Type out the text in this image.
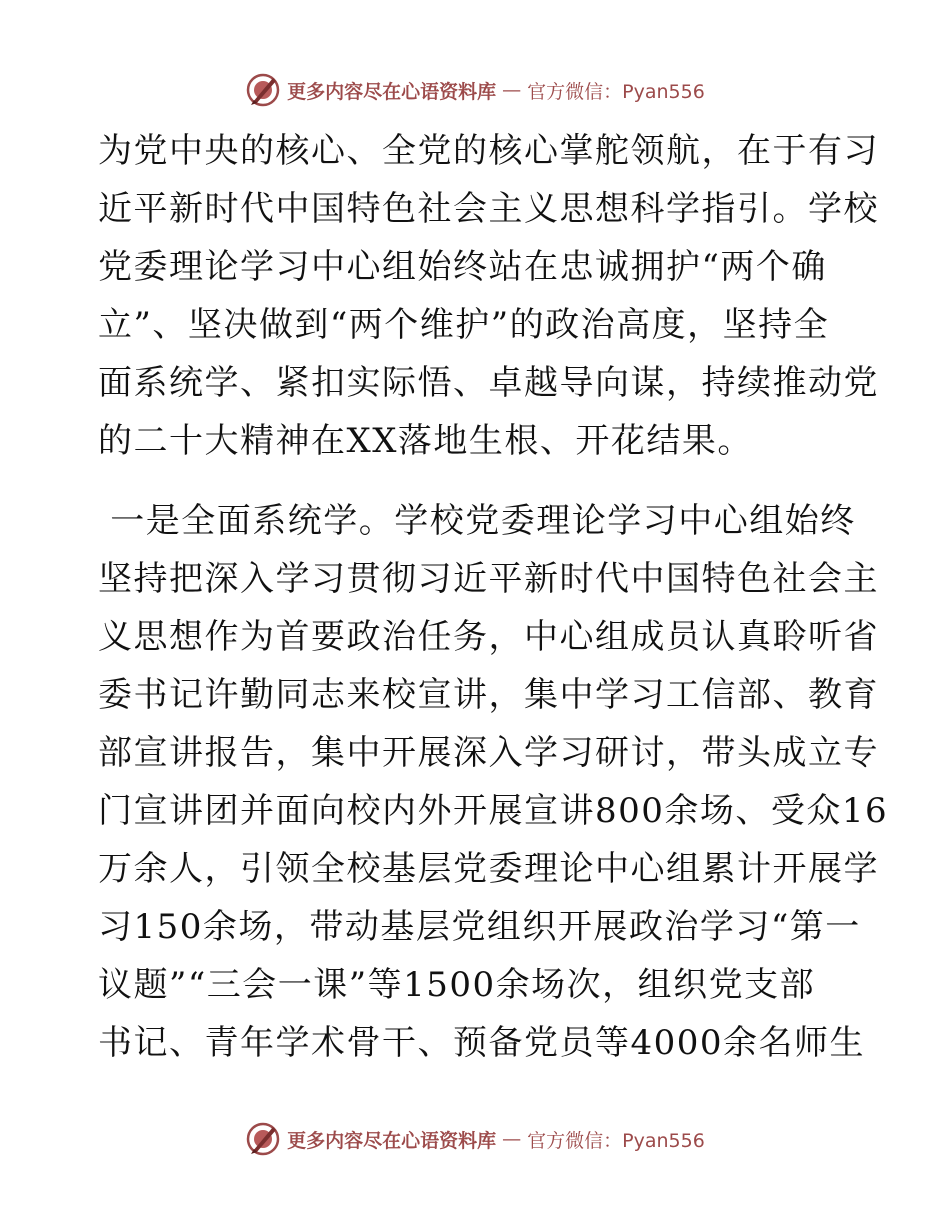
更多内容尽在心语资料库 — 官方微信：Pyan556
为党中央的核心、全党的核心掌舵领航，在于有习
近平新时代中国特色社会主义思想科学指引。学校
党委理论学习中心组始终站在忠诚拥护“两个确
立”、坚决做到“两个维护”的政治高度，坚持全
面系统学、紧扣实际悟、卓越导向谋，持续推动党
的二十大精神在XX落地生根、开花结果。
一是全面系统学。学校党委理论学习中心组始终
坚持把深入学习贯彻习近平新时代中国特色社会主
义思想作为首要政治任务，中心组成员认真聆听省
委书记许勤同志来校宣讲，集中学习工信部、教育
部宣讲报告，集中开展深入学习研讨，带头成立专
门宣讲团并面向校内外开展宣讲800余场、受众16
万余人，引领全校基层党委理论中心组累计开展学
习150余场，带动基层党组织开展政治学习“第一
议题”“三会一课”等1500余场次，组织党支部
书记、青年学术骨干、预备党员等4000余名师生
更多内容尽在心语资料库 — 官方微信：Pyan556
